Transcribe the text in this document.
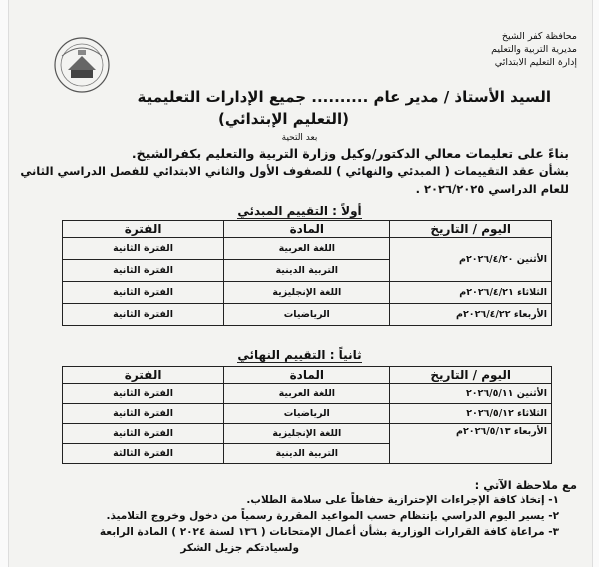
محافظة كفر الشيخ
مديرية التربية والتعليم
إدارة التعليم الابتدائي
السيد الأستاذ / مدير عام .......... جميع الإدارات التعليمية
(التعليم الإبتدائي)
بعد التحية
بناءً على تعليمات معالي الدكتور/وكيل وزارة التربية والتعليم بكفرالشيخ.
بشأن عقد التقييمات ( المبدئي والنهائي ) للصفوف الأول والثاني الابتدائي للفصل الدراسي الثاني
للعام الدراسي ٢٠٢٦/٢٠٢٥ .
أولاً : التقييم المبدئي
اليوم / التاريخ	المادة	الفترة
الأثنين ٢٠٢٦/٤/٢٠م	اللغة العربية	الفترة الثانية
	التربية الدينية	الفترة الثانية
الثلاثاء ٢٠٢٦/٤/٢١م	اللغة الإنجليزية	الفترة الثانية
الأربعاء ٢٠٢٦/٤/٢٢م	الرياضيات	الفترة الثانية
ثانياً : التقييم النهائي
اليوم / التاريخ	المادة	الفترة
الأثنين ٢٠٢٦/٥/١١	اللغة العربية	الفترة الثانية
الثلاثاء ٢٠٢٦/٥/١٢	الرياضيات	الفترة الثانية
الأربعاء ٢٠٢٦/٥/١٣م	اللغة الإنجليزية	الفترة الثانية
	التربية الدينية	الفترة الثالثة
مع ملاحظة الآتي :
١- إتخاذ كافة الإجراءات الإحترازية حفاظاً على سلامة الطلاب.
٢- يسير اليوم الدراسي بإنتظام حسب المواعيد المقررة رسمياً من دخول وخروج التلاميذ.
٣- مراعاة كافة القرارات الوزارية بشأن أعمال الإمتحانات ( ١٣٦ لسنة ٢٠٢٤ ) المادة الرابعة
ولسيادتكم جزيل الشكر
